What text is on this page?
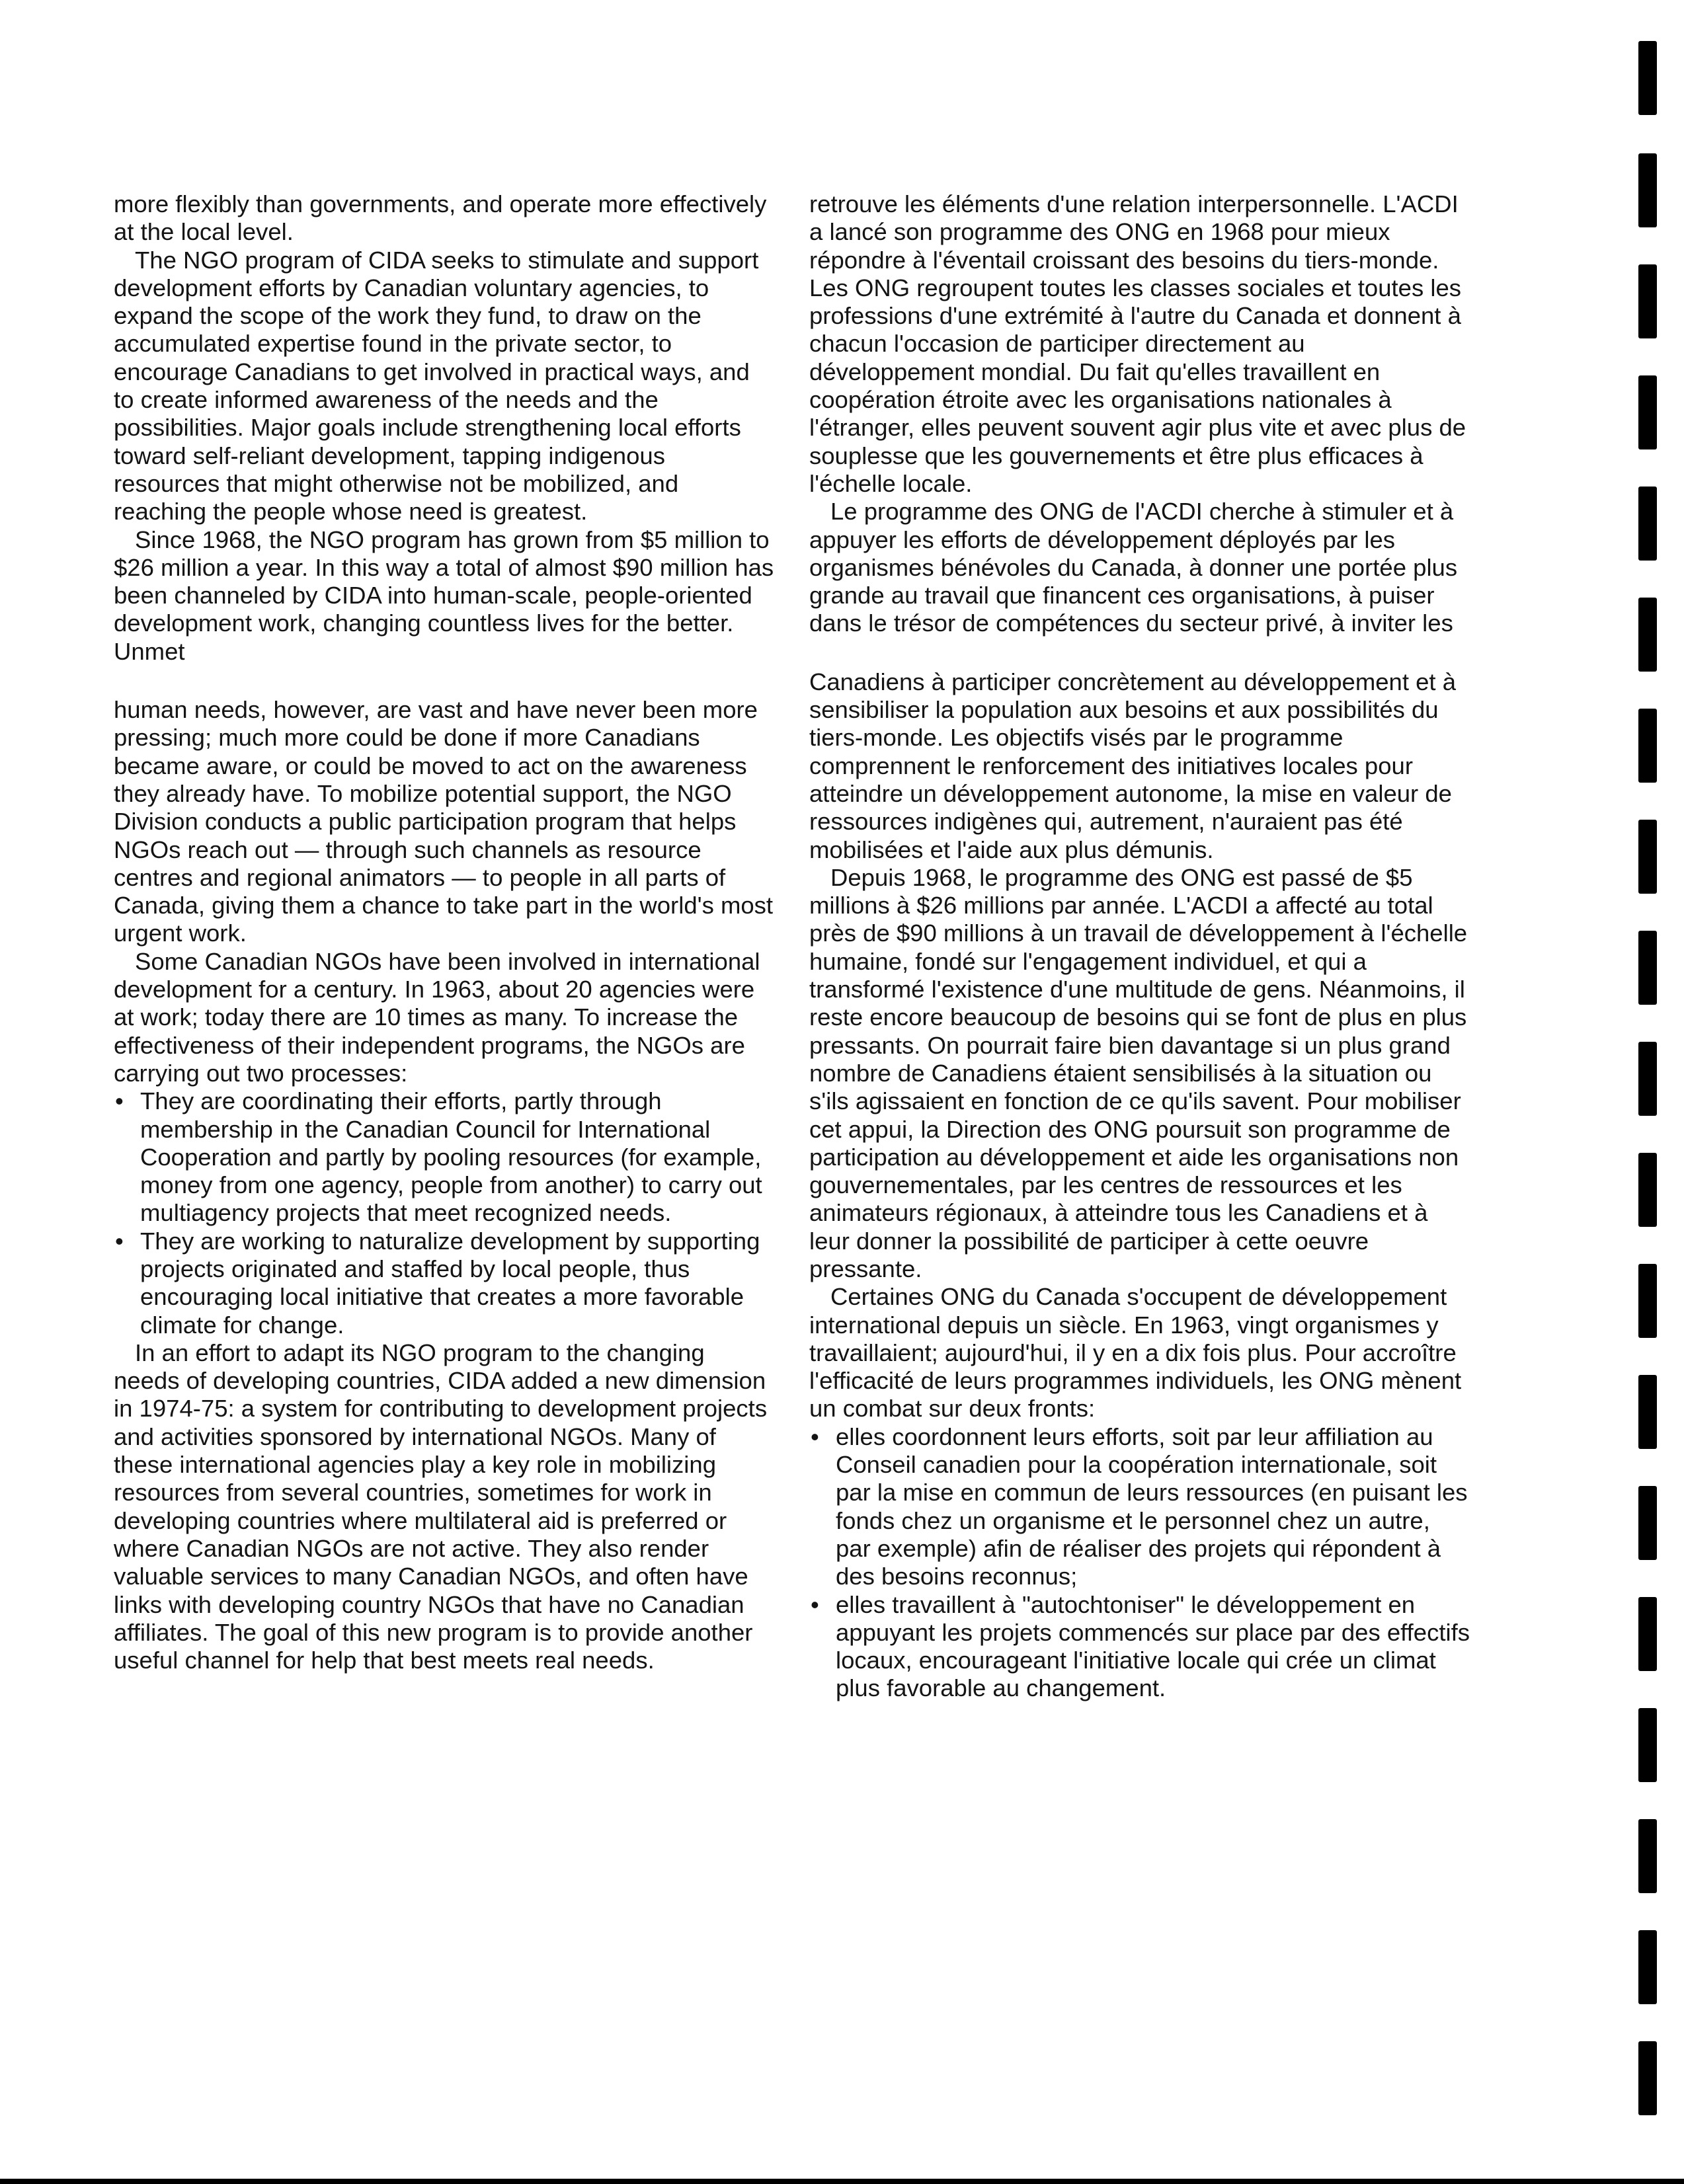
more flexibly than governments, and operate more effectively at the local level.

The NGO program of CIDA seeks to stimulate and support development efforts by Canadian voluntary agencies, to expand the scope of the work they fund, to draw on the accumulated expertise found in the private sector, to encourage Canadians to get involved in practical ways, and to create informed awareness of the needs and the possibilities. Major goals include strengthening local efforts toward self-reliant development, tapping indigenous resources that might otherwise not be mobilized, and reaching the people whose need is greatest.

Since 1968, the NGO program has grown from $5 million to $26 million a year. In this way a total of almost $90 million has been channeled by CIDA into human-scale, people-oriented development work, changing countless lives for the better. Unmet

human needs, however, are vast and have never been more pressing; much more could be done if more Canadians became aware, or could be moved to act on the awareness they already have. To mobilize potential support, the NGO Division conducts a public participation program that helps NGOs reach out — through such channels as resource centres and regional animators — to people in all parts of Canada, giving them a chance to take part in the world's most urgent work.

Some Canadian NGOs have been involved in international development for a century. In 1963, about 20 agencies were at work; today there are 10 times as many. To increase the effectiveness of their independent programs, the NGOs are carrying out two processes:

• They are coordinating their efforts, partly through membership in the Canadian Council for International Cooperation and partly by pooling resources (for example, money from one agency, people from another) to carry out multiagency projects that meet recognized needs.

• They are working to naturalize development by supporting projects originated and staffed by local people, thus encouraging local initiative that creates a more favorable climate for change.

In an effort to adapt its NGO program to the changing needs of developing countries, CIDA added a new dimension in 1974-75: a system for contributing to development projects and activities sponsored by international NGOs. Many of these international agencies play a key role in mobilizing resources from several countries, sometimes for work in developing countries where multilateral aid is preferred or where Canadian NGOs are not active. They also render valuable services to many Canadian NGOs, and often have links with developing country NGOs that have no Canadian affiliates. The goal of this new program is to provide another useful channel for help that best meets real needs.

retrouve les éléments d'une relation interpersonnelle. L'ACDI a lancé son programme des ONG en 1968 pour mieux répondre à l'éventail croissant des besoins du tiers-monde. Les ONG regroupent toutes les classes sociales et toutes les professions d'une extrémité à l'autre du Canada et donnent à chacun l'occasion de participer directement au développement mondial. Du fait qu'elles travaillent en coopération étroite avec les organisations nationales à l'étranger, elles peuvent souvent agir plus vite et avec plus de souplesse que les gouvernements et être plus efficaces à l'échelle locale.

Le programme des ONG de l'ACDI cherche à stimuler et à appuyer les efforts de développement déployés par les organismes bénévoles du Canada, à donner une portée plus grande au travail que financent ces organisations, à puiser dans le trésor de compétences du secteur privé, à inviter les

Canadiens à participer concrètement au développement et à sensibiliser la population aux besoins et aux possibilités du tiers-monde. Les objectifs visés par le programme comprennent le renforcement des initiatives locales pour atteindre un développement autonome, la mise en valeur de ressources indigènes qui, autrement, n'auraient pas été mobilisées et l'aide aux plus démunis.

Depuis 1968, le programme des ONG est passé de $5 millions à $26 millions par année. L'ACDI a affecté au total près de $90 millions à un travail de développement à l'échelle humaine, fondé sur l'engagement individuel, et qui a transformé l'existence d'une multitude de gens. Néanmoins, il reste encore beaucoup de besoins qui se font de plus en plus pressants. On pourrait faire bien davantage si un plus grand nombre de Canadiens étaient sensibilisés à la situation ou s'ils agissaient en fonction de ce qu'ils savent. Pour mobiliser cet appui, la Direction des ONG poursuit son programme de participation au développement et aide les organisations non gouvernementales, par les centres de ressources et les animateurs régionaux, à atteindre tous les Canadiens et à leur donner la possibilité de participer à cette oeuvre pressante.

Certaines ONG du Canada s'occupent de développement international depuis un siècle. En 1963, vingt organismes y travaillaient; aujourd'hui, il y en a dix fois plus. Pour accroître l'efficacité de leurs programmes individuels, les ONG mènent un combat sur deux fronts:

• elles coordonnent leurs efforts, soit par leur affiliation au Conseil canadien pour la coopération internationale, soit par la mise en commun de leurs ressources (en puisant les fonds chez un organisme et le personnel chez un autre, par exemple) afin de réaliser des projets qui répondent à des besoins reconnus;

• elles travaillent à "autochtoniser" le développement en appuyant les projets commencés sur place par des effectifs locaux, encourageant l'initiative locale qui crée un climat plus favorable au changement.
